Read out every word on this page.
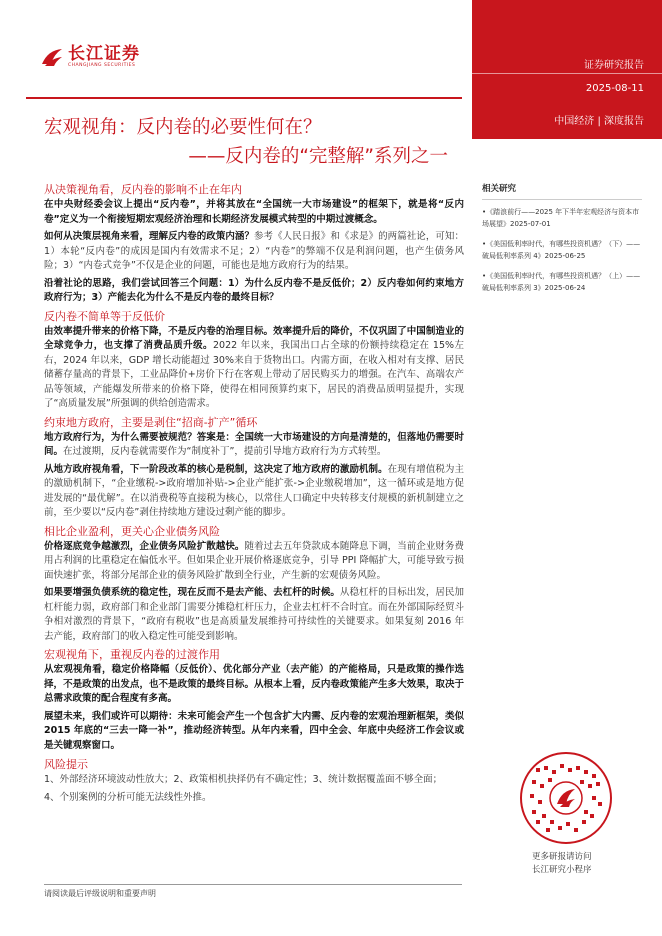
长江证券
CHANGJIANG SECURITIES	证券研究报告
2025-08-11
中国经济 | 深度报告
宏观视角：反内卷的必要性何在？
——反内卷的“完整解”系列之一
从决策视角看，反内卷的影响不止在年内

在中央财经委会议上提出“反内卷”，并将其放在“全国统一大市场建设”的框架下，就是将“反内卷”定义为一个衔接短期宏观经济治理和长期经济发展模式转型的中期过渡概念。

如何从决策层视角来看，理解反内卷的政策内涵？参考《人民日报》和《求是》的两篇社论，可知：1）本轮“反内卷”的成因是国内有效需求不足；2）“内卷”的弊端不仅是利润问题，也产生债务风险；3）“内卷式竞争”不仅是企业的问题，可能也是地方政府行为的结果。

沿着社论的思路，我们尝试回答三个问题：1）为什么反内卷不是反低价；2）反内卷如何约束地方政府行为；3）产能去化为什么不是反内卷的最终目标？

反内卷不简单等于反低价

由效率提升带来的价格下降，不是反内卷的治理目标。效率提升后的降价，不仅巩固了中国制造业的全球竞争力，也支撑了消费品质升级。2022 年以来，我国出口占全球的份额持续稳定在 15%左右，2024 年以来，GDP 增长动能超过 30%来自于货物出口。内需方面，在收入相对有支撑、居民储蓄存量高的背景下，工业品降价+房价下行在客观上带动了居民购买力的增强。在汽车、高端农产品等领域，产能爆发所带来的价格下降，使得在相同预算约束下，居民的消费品质明显提升，实现了“高质量发展”所强调的供给创造需求。

约束地方政府，主要是剥住“招商-扩产”循环

地方政府行为，为什么需要被规范？答案是：全国统一大市场建设的方向是清楚的，但落地仍需要时间。在过渡期，反内卷就需要作为“制度补丁”，提前引导地方政府行为方式转型。

从地方政府视角看，下一阶段改革的核心是税制，这决定了地方政府的激励机制。在现有增值税为主的激励机制下，“企业缴税->政府增加补贴->企业产能扩张->企业缴税增加”，这一循环或是地方促进发展的“最优解”。在以消费税等直接税为核心，以常住人口确定中央转移支付规模的新机制建立之前，至少要以“反内卷”剥住持续地方建设过剩产能的脚步。

相比企业盈利，更关心企业债务风险

价格逐底竞争越激烈，企业债务风险扩散越快。随着过去五年贷款成本随降息下调，当前企业财务费用占利润的比重稳定在偏低水平。但如果企业开展价格逐底竞争，引导 PPI 降幅扩大，可能导致亏损面快速扩张，将部分尾部企业的债务风险扩散到全行业，产生新的宏观债务风险。

如果要增强负债系统的稳定性，现在反而不是去产能、去杠杆的时候。从稳杠杆的目标出发，居民加杠杆能力弱，政府部门和企业部门需要分摊稳杠杆压力，企业去杠杆不合时宜。而在外部国际经贸斗争相对激烈的背景下，“政府有税收”也是高质量发展维持可持续性的关键要求。如果复刻 2016 年去产能，政府部门的收入稳定性可能受到影响。

宏观视角下，重视反内卷的过渡作用

从宏观视角看，稳定价格降幅（反低价）、优化部分产业（去产能）的产能格局，只是政策的操作选择，不是政策的出发点，也不是政策的最终目标。从根本上看，反内卷政策能产生多大效果，取决于总需求政策的配合程度有多高。

展望未来，我们或许可以期待：未来可能会产生一个包含扩大内需、反内卷的宏观治理新框架，类似 2015 年底的“三去一降一补”，推动经济转型。从年内来看，四中全会、年底中央经济工作会议或是关键观察窗口。

风险提示

1、外部经济环境波动性放大；2、政策相机抉择仍有不确定性；3、统计数据覆盖面不够全面；

4、个别案例的分析可能无法线性外推。

请阅读最后评级说明和重要声明
相关研究
•《踏浪前行——2025 年下半年宏观经济与资本市场展望》2025-07-01
•《美国低利率时代，有哪些投资机遇？（下）——破局低利率系列 4》2025-06-25
•《美国低利率时代，有哪些投资机遇？（上）——破局低利率系列 3》2025-06-24
更多研报请访问
长江研究小程序
